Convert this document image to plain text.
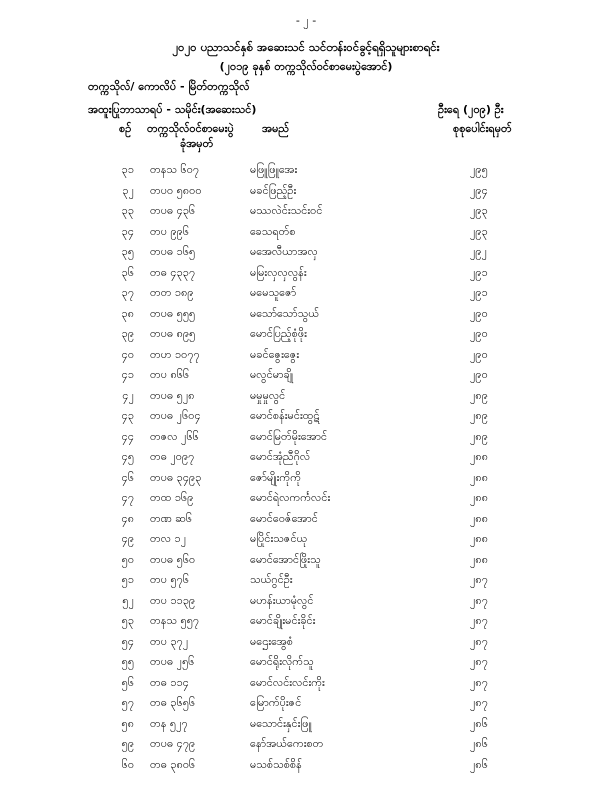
- ၂ -
၂၀၂၀ ပညာသင်နှစ် အဆေးသင် သင်တန်းဝင်ခွင့်ရရှိသူများစာရင်း
(၂၀၁၉ ခုနှစ် တက္ကသိုလ်ဝင်စာမေးပွဲအောင်)
တက္ကသိုလ်/ ကောလိပ် - မြိတ်တက္ကသိုလ်
အထူးပြုဘာသာရပ် - သမိုင်း(အဆေးသင်)	ဦးရေ (၂၀၉) ဦး
စဉ် တက္ကသိုလ်ဝင်စာမေးပွဲ
ခုံအမှတ်
အမည်	စုစုပေါင်းရမှတ်
၃၁ တနသ ၆၀၇	မဖြူဖြူအေး	၂၉၅
၃၂ တပဝ ၅၈၀၀	မခင်ဖြည့်ဦး	၂၉၄
၃၃ တပဓ ၄၃၆	မဿလဲင်းသင်းဝင်	၂၉၃
၃၄ တပ ၉၉၆	ခေသရတ်စ	၂၉၃
၃၅ တပဓ ၁၆၅	မအေလီယာအလှ	၂၉၂
၃၆ တဓ ၄၃၃၇	မမြးလှလှလွန်း	၂၉၁
၃၇ တတ ၁၈၉	မမေသူဇော်	၂၉၁
၃၈ တပဓ ၅၅၅	မသော်သော်သွယ်	၂၉၀
၃၉ တပဓ ၈၉၅	မောင်ပြည့်စုံဖိုး	၂၉၀
၄၀ တဟ ၁၀၇၇	မခင်ဇွေးဇွေး	၂၉၀
၄၁ တပ ၈၆၆	မလွင်မာချို	၂၉၀
၄၂ တပဓ ၅၂၈	မမှုမှုလွင်	၂၈၉
၄၃ တပဓ ၂၆၀၄	မောင်စန်းမင်းထွဋ်	၂၈၉
၄၄ တဇလ ၂၆၆	မောင်မြတ်မိုးအောင်	၂၈၉
၄၅ တဓ ၂၀၉၇	မောင်အုံညီဂိုလ်	၂၈၈
၄၆ တပဓ ၃၄၉၃	ဇော်မျိုးကိုကို	၂၈၈
၄၇ တထ ၁၆၉	မောင်ရဲလကင်္ကလင်း	၂၈၈
၄၈ တဏ ဆ၆	မောင်ဝေဇ်အောင်	၂၈၈
၄၉ တလ ၁၂	မပြိုင်းသဇင်ယု	၂၈၈
၅၀ တပဓ ၅၆၀	မောင်အောင်ဖြိုးသူ	၂၈၈
၅၁ တပ ၅၇၆	သယ်ဂွင်ဦး	၂၈၇
၅၂ တပ ၁၁၃၉	မဟန်းယာမုံလွင်	၂၈၇
၅၃ တနသ ၅၅၇	မောင်ချိုးမင်းခိုင်း	၂၈၇
၅၄ တပ ၃၇၂	မဌေးအွေစံ	၂၈၇
၅၅ တပဓ ၂၅၆	မောင်ရိုးလိုက်သူ	၂၈၇
၅၆ တဓ ၁၁၄	မောင်လင်းလင်းကိုး	၂၈၇
၅၇ တဓ ၃၆၅၆	မြောက်ပိုးဇင်	၂၈၇
၅၈ တန ၅၂၇	မသောင်းနှင်းဖြူ	၂၈၆
၅၉ တပဓ ၄၇၉	နော်အယ်ကေးစတ	၂၈၆
၆၀ တဓ ၃၈၀၆	မသစ်သစ်စိန်	၂၈၆
